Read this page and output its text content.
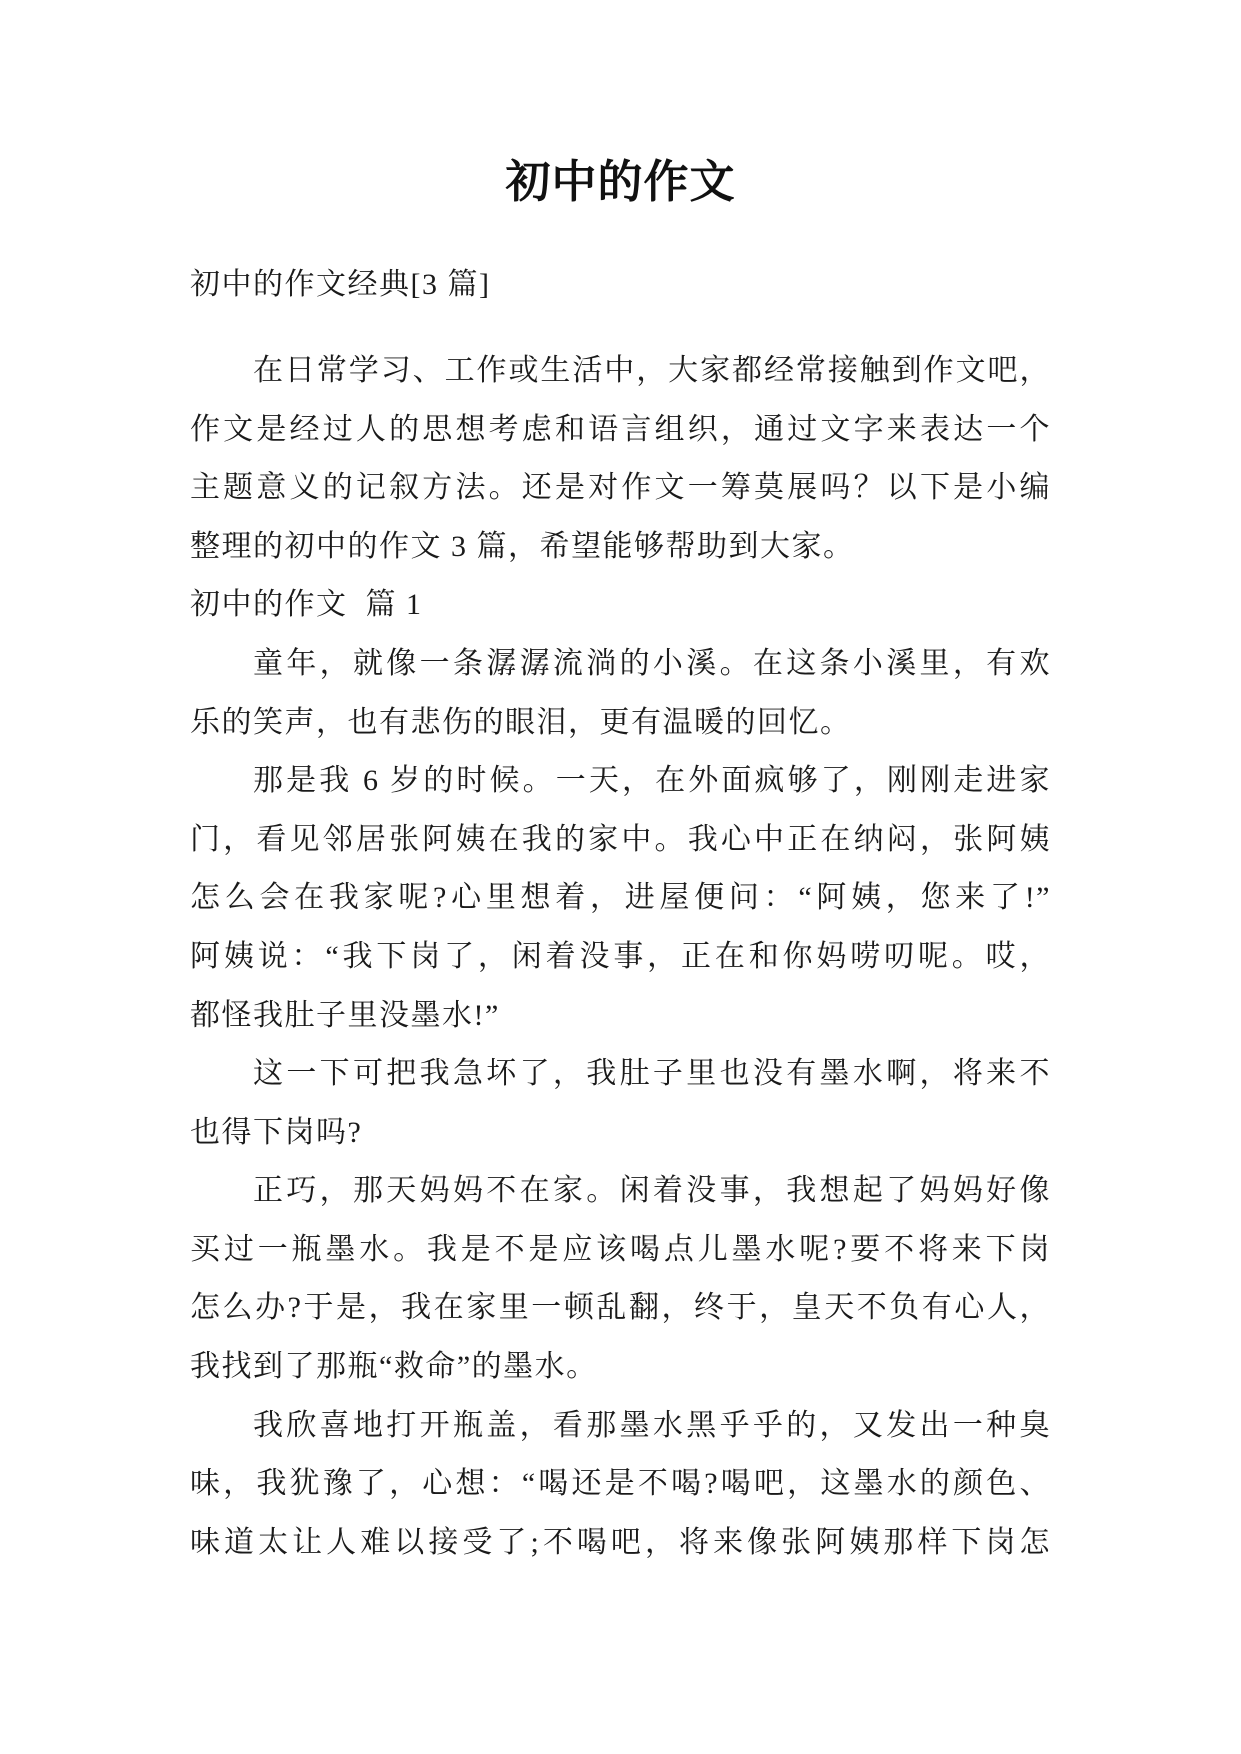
初中的作文
初中的作文经典[3 篇]
在日常学习、工作或生活中，大家都经常接触到作文吧，
作文是经过人的思想考虑和语言组织，通过文字来表达一个
主题意义的记叙方法。还是对作文一筹莫展吗？以下是小编
整理的初中的作文 3 篇，希望能够帮助到大家。
初中的作文  篇 1
童年，就像一条潺潺流淌的小溪。在这条小溪里，有欢
乐的笑声，也有悲伤的眼泪，更有温暖的回忆。
那是我 6 岁的时候。一天，在外面疯够了，刚刚走进家
门，看见邻居张阿姨在我的家中。我心中正在纳闷，张阿姨
怎么会在我家呢?心里想着，进屋便问：“阿姨，您来了!”
阿姨说：“我下岗了，闲着没事，正在和你妈唠叨呢。哎，
都怪我肚子里没墨水!”
这一下可把我急坏了，我肚子里也没有墨水啊，将来不
也得下岗吗?
正巧，那天妈妈不在家。闲着没事，我想起了妈妈好像
买过一瓶墨水。我是不是应该喝点儿墨水呢?要不将来下岗
怎么办?于是，我在家里一顿乱翻，终于，皇天不负有心人，
我找到了那瓶“救命”的墨水。
我欣喜地打开瓶盖，看那墨水黑乎乎的，又发出一种臭
味，我犹豫了，心想：“喝还是不喝?喝吧，这墨水的颜色、
味道太让人难以接受了;不喝吧，将来像张阿姨那样下岗怎
